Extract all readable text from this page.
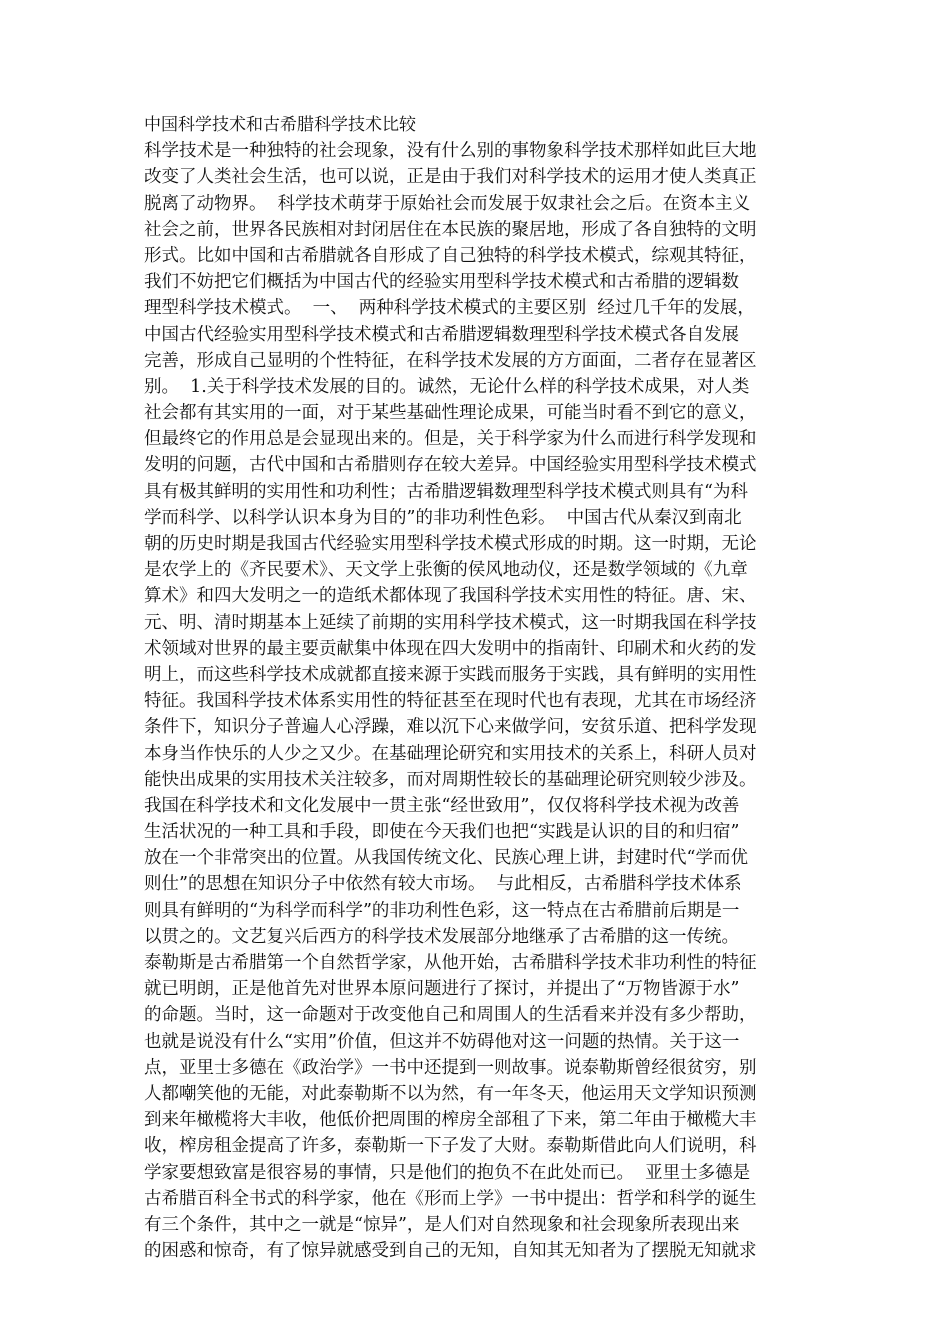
中国科学技术和古希腊科学技术比较
科学技术是一种独特的社会现象，没有什么别的事物象科学技术那样如此巨大地
改变了人类社会生活，也可以说，正是由于我们对科学技术的运用才使人类真正
脱离了动物界。  科学技术萌芽于原始社会而发展于奴隶社会之后。在资本主义
社会之前，世界各民族相对封闭居住在本民族的聚居地，形成了各自独特的文明
形式。比如中国和古希腊就各自形成了自己独特的科学技术模式，综观其特征，
我们不妨把它们概括为中国古代的经验实用型科学技术模式和古希腊的逻辑数
理型科学技术模式。  一、  两种科学技术模式的主要区别  经过几千年的发展，
中国古代经验实用型科学技术模式和古希腊逻辑数理型科学技术模式各自发展
完善，形成自己显明的个性特征，在科学技术发展的方方面面，二者存在显著区
别。  1.关于科学技术发展的目的。诚然，无论什么样的科学技术成果，对人类
社会都有其实用的一面，对于某些基础性理论成果，可能当时看不到它的意义，
但最终它的作用总是会显现出来的。但是，关于科学家为什么而进行科学发现和
发明的问题，古代中国和古希腊则存在较大差异。中国经验实用型科学技术模式
具有极其鲜明的实用性和功利性；古希腊逻辑数理型科学技术模式则具有“为科
学而科学、以科学认识本身为目的”的非功利性色彩。  中国古代从秦汉到南北
朝的历史时期是我国古代经验实用型科学技术模式形成的时期。这一时期，无论
是农学上的《齐民要术》、天文学上张衡的侯风地动仪，还是数学领域的《九章
算术》和四大发明之一的造纸术都体现了我国科学技术实用性的特征。唐、宋、
元、明、清时期基本上延续了前期的实用科学技术模式，这一时期我国在科学技
术领域对世界的最主要贡献集中体现在四大发明中的指南针、印刷术和火药的发
明上，而这些科学技术成就都直接来源于实践而服务于实践，具有鲜明的实用性
特征。我国科学技术体系实用性的特征甚至在现时代也有表现，尤其在市场经济
条件下，知识分子普遍人心浮躁，难以沉下心来做学问，安贫乐道、把科学发现
本身当作快乐的人少之又少。在基础理论研究和实用技术的关系上，科研人员对
能快出成果的实用技术关注较多，而对周期性较长的基础理论研究则较少涉及。
我国在科学技术和文化发展中一贯主张“经世致用”，仅仅将科学技术视为改善
生活状况的一种工具和手段，即使在今天我们也把“实践是认识的目的和归宿”
放在一个非常突出的位置。从我国传统文化、民族心理上讲，封建时代“学而优
则仕”的思想在知识分子中依然有较大市场。  与此相反，古希腊科学技术体系
则具有鲜明的“为科学而科学”的非功利性色彩，这一特点在古希腊前后期是一
以贯之的。文艺复兴后西方的科学技术发展部分地继承了古希腊的这一传统。
泰勒斯是古希腊第一个自然哲学家，从他开始，古希腊科学技术非功利性的特征
就已明朗，正是他首先对世界本原问题进行了探讨，并提出了“万物皆源于水”
的命题。当时，这一命题对于改变他自己和周围人的生活看来并没有多少帮助，
也就是说没有什么“实用”价值，但这并不妨碍他对这一问题的热情。关于这一
点，亚里士多德在《政治学》一书中还提到一则故事。说泰勒斯曾经很贫穷，别
人都嘲笑他的无能，对此泰勒斯不以为然，有一年冬天，他运用天文学知识预测
到来年橄榄将大丰收，他低价把周围的榨房全部租了下来，第二年由于橄榄大丰
收，榨房租金提高了许多，泰勒斯一下子发了大财。泰勒斯借此向人们说明，科
学家要想致富是很容易的事情，只是他们的抱负不在此处而已。  亚里士多德是
古希腊百科全书式的科学家，他在《形而上学》一书中提出：哲学和科学的诞生
有三个条件，其中之一就是“惊异”，是人们对自然现象和社会现象所表现出来
的困惑和惊奇，有了惊异就感受到自己的无知，自知其无知者为了摆脱无知就求
